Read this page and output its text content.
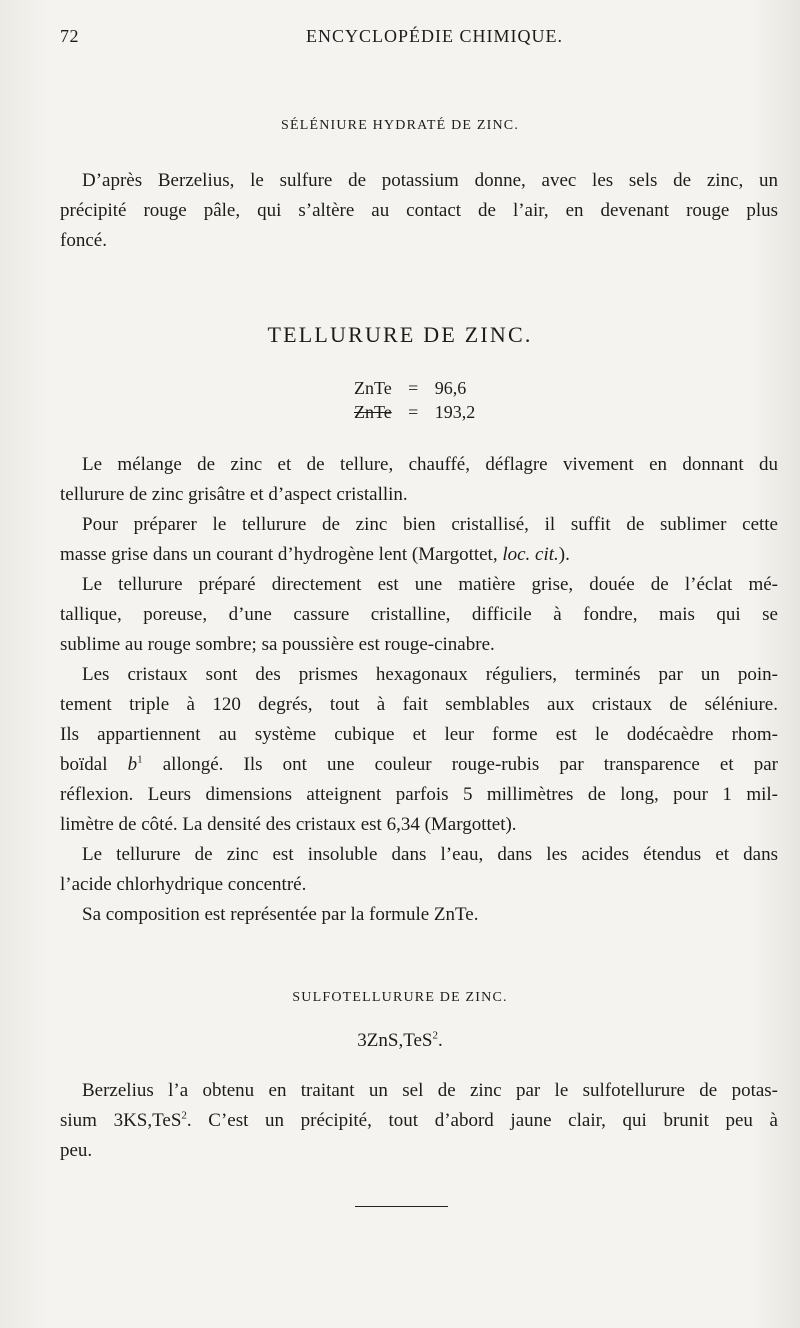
72	ENCYCLOPÉDIE CHIMIQUE.
SÉLÉNIURE HYDRATÉ DE ZINC.
D’après Berzelius, le sulfure de potassium donne, avec les sels de zinc, un
précipité rouge pâle, qui s’altère au contact de l’air, en devenant rouge plus
foncé.
TELLURURE DE ZINC.
ZnTe = 96,6
ZnTe = 193,2
Le mélange de zinc et de tellure, chauffé, déflagre vivement en donnant du
tellurure de zinc grisâtre et d’aspect cristallin.
Pour préparer le tellurure de zinc bien cristallisé, il suffit de sublimer cette
masse grise dans un courant d’hydrogène lent (Margottet, loc. cit.).
Le tellurure préparé directement est une matière grise, douée de l’éclat mé-
tallique, poreuse, d’une cassure cristalline, difficile à fondre, mais qui se
sublime au rouge sombre; sa poussière est rouge-cinabre.
Les cristaux sont des prismes hexagonaux réguliers, terminés par un poin-
tement triple à 120 degrés, tout à fait semblables aux cristaux de séléniure.
Ils appartiennent au système cubique et leur forme est le dodécaèdre rhom-
boïdal $b^1$ allongé. Ils ont une couleur rouge-rubis par transparence et par
réflexion. Leurs dimensions atteignent parfois 5 millimètres de long, pour 1 mil-
limètre de côté. La densité des cristaux est 6,34 (Margottet).
Le tellurure de zinc est insoluble dans l’eau, dans les acides étendus et dans
l’acide chlorhydrique concentré.
Sa composition est représentée par la formule ZnTe.
SULFOTELLURURE DE ZINC.
3ZnS,TeS$^2$.
Berzelius l’a obtenu en traitant un sel de zinc par le sulfotellurure de potas-
sium 3KS,TeS$^2$. C’est un précipité, tout d’abord jaune clair, qui brunit peu à
peu.
